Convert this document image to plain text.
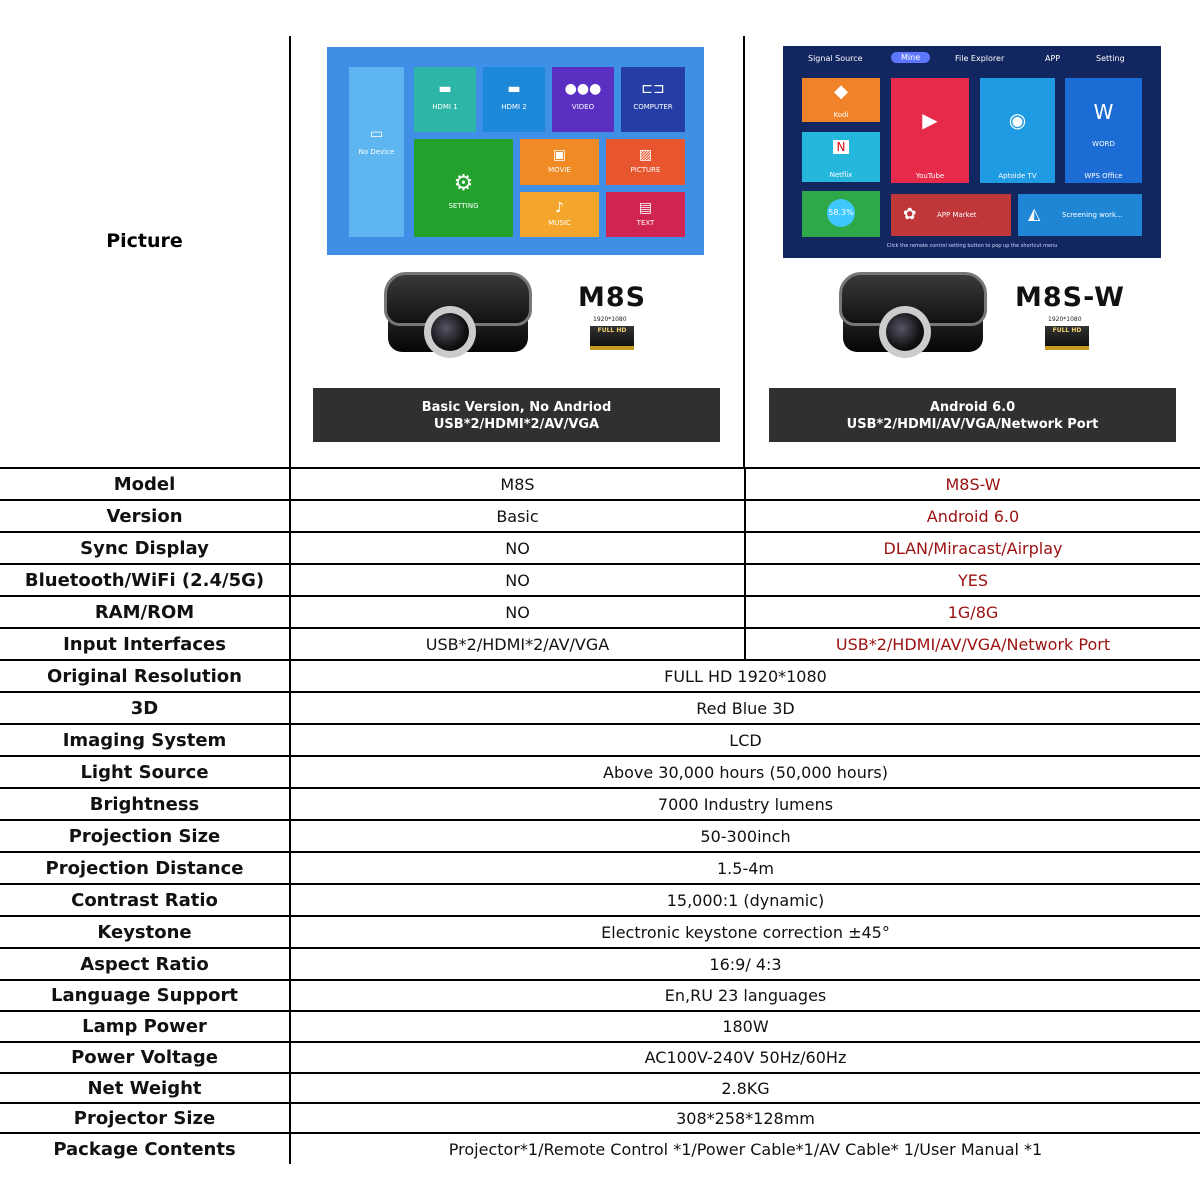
Picture
▭
No Device
▬
HDMI 1
▬
HDMI 2
●●●
VIDEO
⊏⊐
COMPUTER
⚙
SETTING
▣
MOVIE
▨
PICTURE
♪
MUSIC
▤
TEXT
M8S
1920*1080
FULL HD
Basic Version, No Andriod
USB*2/HDMI*2/AV/VGA
Signal Source	Mine	File Explorer	APP	Setting
◆
Kodi	▶
YouTube
◉
Aptoide TV
W
WORD
WPS Office
N
Netflix
58.3%	✿	APP Market	◭	Screening work...
Click the remote control setting button to pop up the shortcut menu
M8S-W
1920*1080
FULL HD
Android 6.0
USB*2/HDMI/AV/VGA/Network Port
Model	M8S	M8S-W
Version	Basic	Android 6.0
Sync Display	NO	DLAN/Miracast/Airplay
Bluetooth/WiFi (2.4/5G)	NO	YES
RAM/ROM	NO	1G/8G
Input Interfaces	USB*2/HDMI*2/AV/VGA	USB*2/HDMI/AV/VGA/Network Port
Original Resolution	FULL HD 1920*1080
3D	Red Blue 3D
Imaging System	LCD
Light Source	Above 30,000 hours (50,000 hours)
Brightness	7000 Industry lumens
Projection Size	50-300inch
Projection Distance	1.5-4m
Contrast Ratio	15,000:1 (dynamic)
Keystone	Electronic keystone correction ±45°
Aspect Ratio	16:9/ 4:3
Language Support	En,RU 23 languages
Lamp Power	180W
Power Voltage	AC100V-240V 50Hz/60Hz
Net Weight	2.8KG
Projector Size	308*258*128mm
Package Contents	Projector*1/Remote Control *1/Power Cable*1/AV Cable* 1/User Manual *1
